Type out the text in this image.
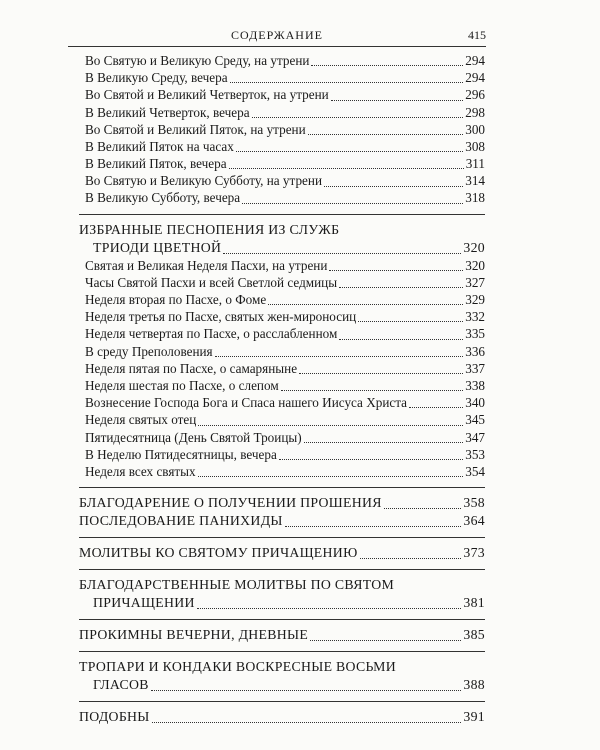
СОДЕРЖАНИЕ	415
Во Святую и Великую Среду, на утрени	294
В Великую Среду, вечера	294
Во Святой и Великий Четверток, на утрени	296
В Великий Четверток, вечера	298
Во Святой и Великий Пяток, на утрени	300
В Великий Пяток на часах	308
В Великий Пяток, вечера	311
Во Святую и Великую Субботу, на утрени	314
В Великую Субботу, вечера	318
ИЗБРАННЫЕ ПЕСНОПЕНИЯ ИЗ СЛУЖБ
ТРИОДИ ЦВЕТНОЙ	320
Святая и Великая Неделя Пасхи, на утрени	320
Часы Святой Пасхи и всей Светлой седмицы	327
Неделя вторая по Пасхе, о Фоме	329
Неделя третья по Пасхе, святых жен-мироносиц	332
Неделя четвертая по Пасхе, о расслабленном	335
В среду Преполовения	336
Неделя пятая по Пасхе, о самаряныне	337
Неделя шестая по Пасхе, о слепом	338
Вознесение Господа Бога и Спаса нашего Иисуса Христа	340
Неделя святых отец	345
Пятидесятница (День Святой Троицы)	347
В Неделю Пятидесятницы, вечера	353
Неделя всех святых	354
БЛАГОДАРЕНИЕ О ПОЛУЧЕНИИ ПРОШЕНИЯ	358
ПОСЛЕДОВАНИЕ ПАНИХИДЫ	364
МОЛИТВЫ КО СВЯТОМУ ПРИЧАЩЕНИЮ	373
БЛАГОДАРСТВЕННЫЕ МОЛИТВЫ ПО СВЯТОМ
ПРИЧАЩЕНИИ	381
ПРОКИМНЫ ВЕЧЕРНИ, ДНЕВНЫЕ	385
ТРОПАРИ И КОНДАКИ ВОСКРЕСНЫЕ ВОСЬМИ
ГЛАСОВ	388
ПОДОБНЫ	391
